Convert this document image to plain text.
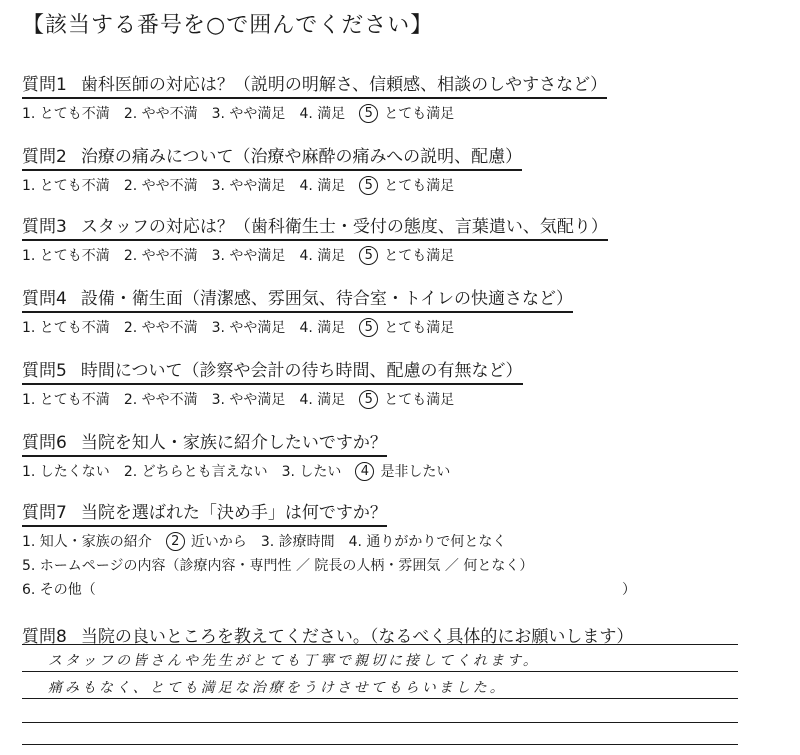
【該当する番号を○で囲んでください】
質問1 歯科医師の対応は？（説明の明解さ、信頼感、相談のしやすさなど）
1. とても不満 2. やや不満 3. やや満足 4. 満足	5 とても満足
質問2 治療の痛みについて（治療や麻酔の痛みへの説明、配慮）
1. とても不満 2. やや不満 3. やや満足 4. 満足	5 とても満足
質問3 スタッフの対応は？（歯科衛生士・受付の態度、言葉遣い、気配り）
1. とても不満 2. やや不満 3. やや満足 4. 満足	5 とても満足
質問4 設備・衛生面（清潔感、雰囲気、待合室・トイレの快適さなど）
1. とても不満 2. やや不満 3. やや満足 4. 満足	5 とても満足
質問5 時間について（診察や会計の待ち時間、配慮の有無など）
1. とても不満 2. やや不満 3. やや満足 4. 満足	5 とても満足
質問6 当院を知人・家族に紹介したいですか？
1. したくない 2. どちらとも言えない 3. したい	4 是非したい
質問7 当院を選ばれた「決め手」は何ですか？
1. 知人・家族の紹介	2 近いから 3. 診療時間 4. 通りがかりで何となく
5. ホームページの内容（診療内容・専門性 ／ 院長の人柄・雰囲気 ／ 何となく）
6. その他（	）
質問8 当院の良いところを教えてください。（なるべく具体的にお願いします）
スタッフの皆さんや先生がとても丁寧で親切に接してくれます。
痛みもなく、とても満足な治療をうけさせてもらいました。
